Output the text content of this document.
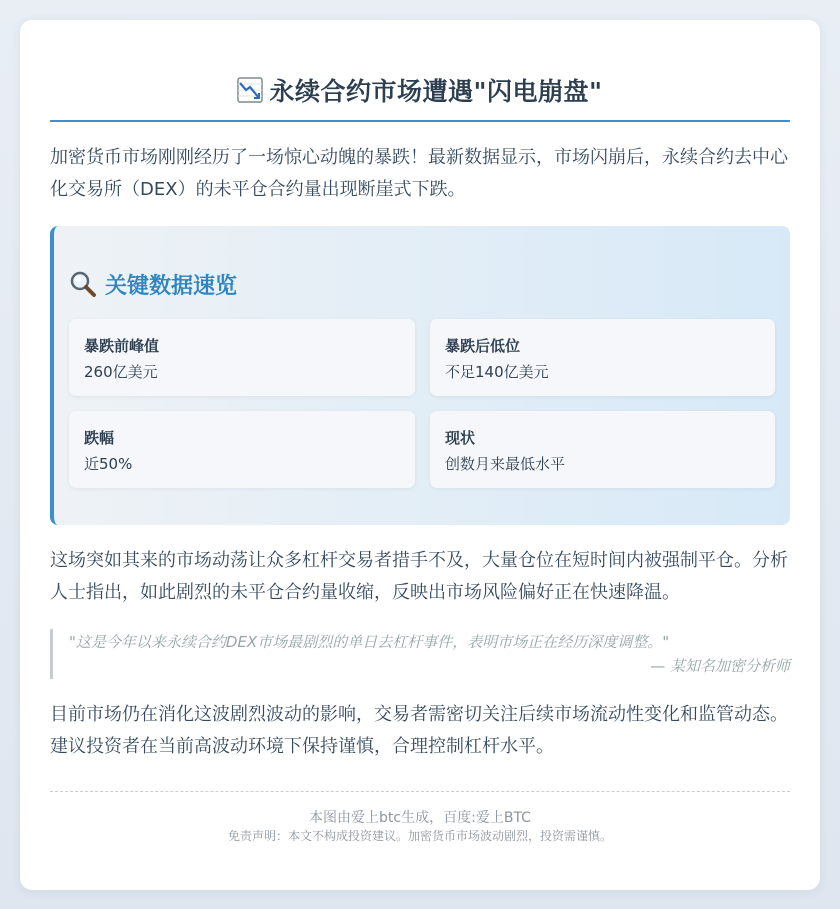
永续合约市场遭遇"闪电崩盘"

加密货币市场刚刚经历了一场惊心动魄的暴跌！最新数据显示，市场闪崩后，永续合约去中心化交易所（DEX）的未平仓合约量出现断崖式下跌。

关键数据速览
暴跌前峰值
260亿美元
暴跌后低位
不足140亿美元
跌幅
近50%
现状
创数月来最低水平

这场突如其来的市场动荡让众多杠杆交易者措手不及，大量仓位在短时间内被强制平仓。分析人士指出，如此剧烈的未平仓合约量收缩，反映出市场风险偏好正在快速降温。

"这是今年以来永续合约DEX市场最剧烈的单日去杠杆事件，表明市场正在经历深度调整。"
— 某知名加密分析师

目前市场仍在消化这波剧烈波动的影响，交易者需密切关注后续市场流动性变化和监管动态。建议投资者在当前高波动环境下保持谨慎，合理控制杠杆水平。

本图由爱上btc生成，百度:爱上BTC
免责声明：本文不构成投资建议。加密货币市场波动剧烈，投资需谨慎。
